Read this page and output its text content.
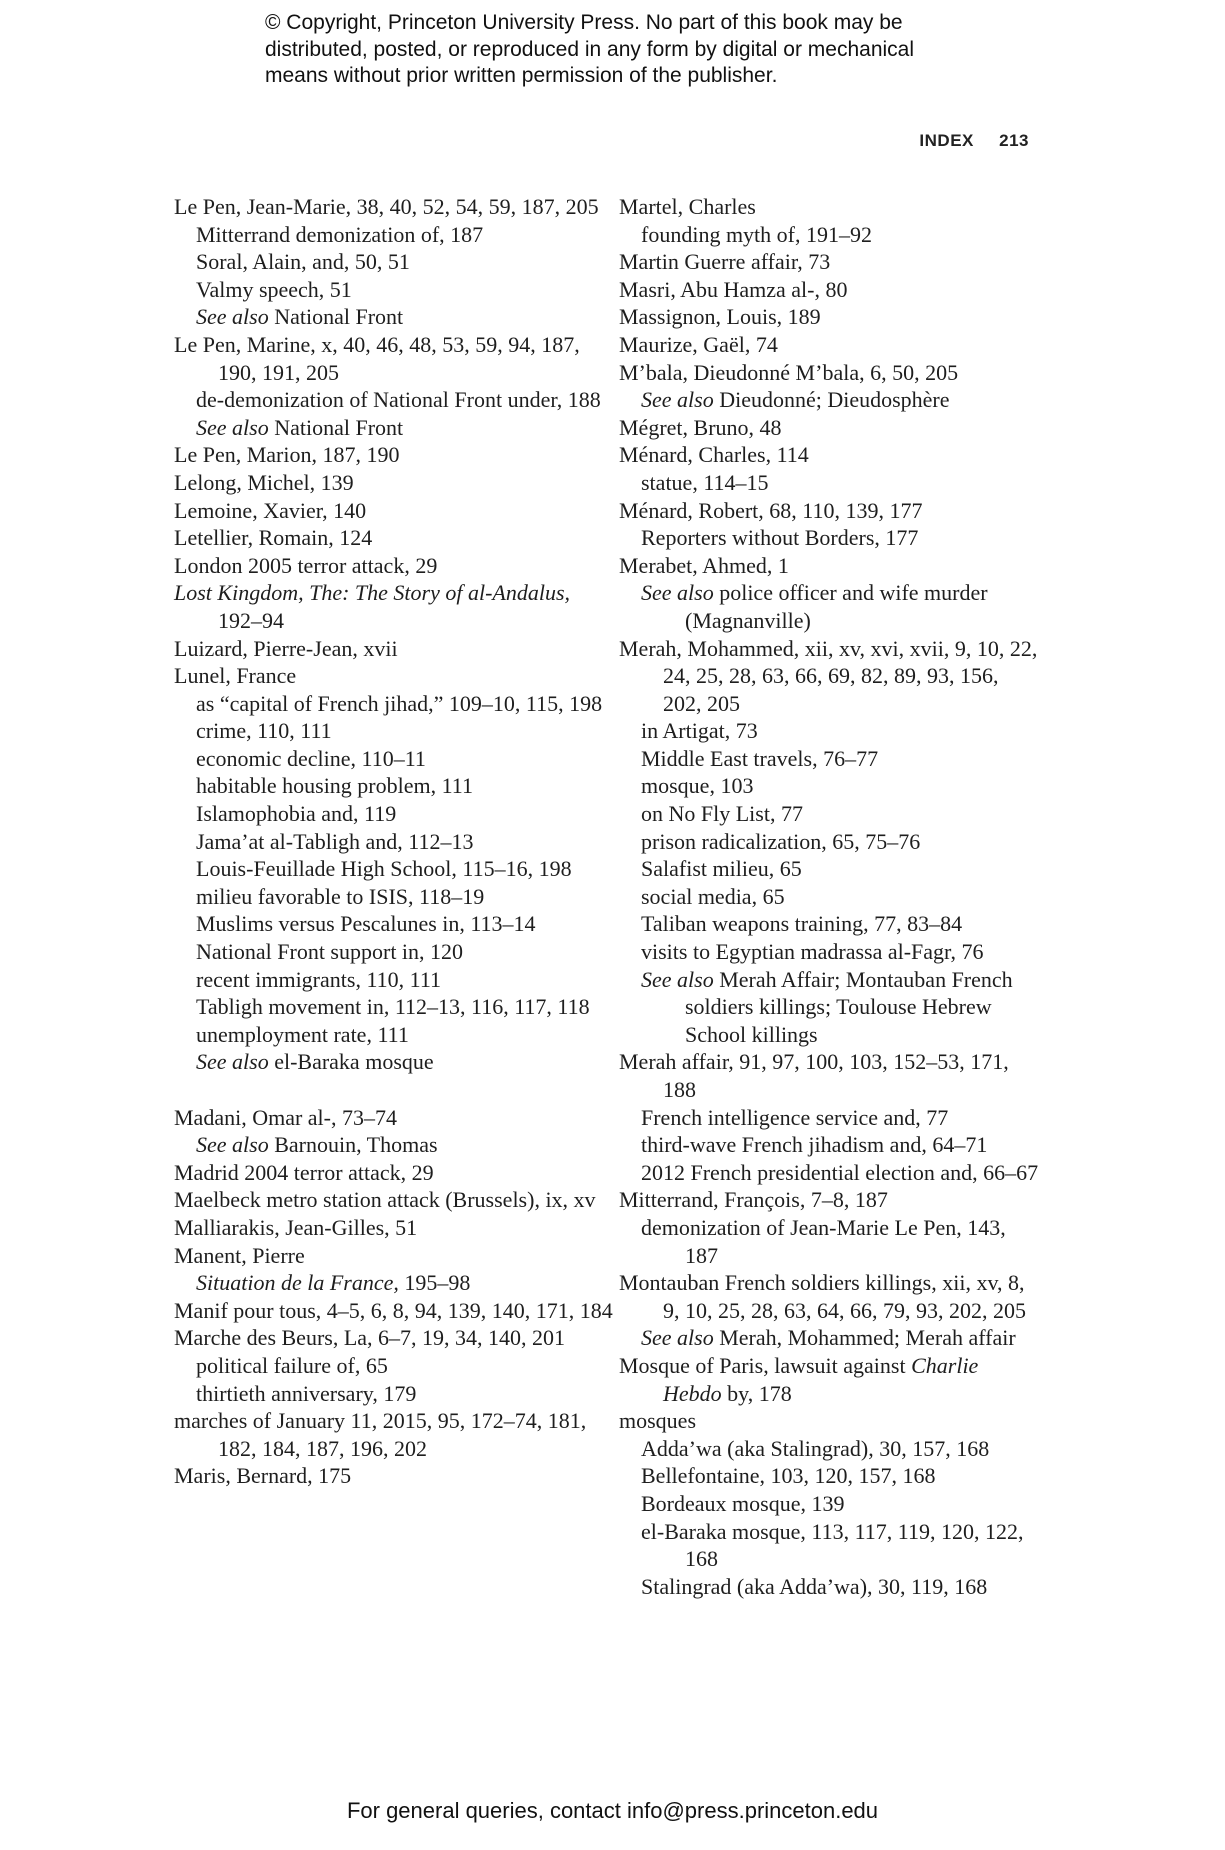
© Copyright, Princeton University Press. No part of this book may be
distributed, posted, or reproduced in any form by digital or mechanical
means without prior written permission of the publisher.
INDEX 213

Le Pen, Jean-Marie, 38, 40, 52, 54, 59, 187, 205

Mitterrand demonization of, 187

Soral, Alain, and, 50, 51

Valmy speech, 51

See also National Front

Le Pen, Marine, x, 40, 46, 48, 53, 59, 94, 187, 190, 191, 205

de-demonization of National Front under, 188

See also National Front

Le Pen, Marion, 187, 190

Lelong, Michel, 139

Lemoine, Xavier, 140

Letellier, Romain, 124

London 2005 terror attack, 29

Lost Kingdom, The: The Story of al-Andalus, 192–94

Luizard, Pierre-Jean, xvii

Lunel, France

as “capital of French jihad,” 109–10, 115, 198

crime, 110, 111

economic decline, 110–11

habitable housing problem, 111

Islamophobia and, 119

Jama’at al-Tabligh and, 112–13

Louis-Feuillade High School, 115–16, 198

milieu favorable to ISIS, 118–19

Muslims versus Pescalunes in, 113–14

National Front support in, 120

recent immigrants, 110, 111

Tabligh movement in, 112–13, 116, 117, 118

unemployment rate, 111

See also el-Baraka mosque

Madani, Omar al-, 73–74

See also Barnouin, Thomas

Madrid 2004 terror attack, 29

Maelbeck metro station attack (Brussels), ix, xv

Malliarakis, Jean-Gilles, 51

Manent, Pierre

Situation de la France, 195–98

Manif pour tous, 4–5, 6, 8, 94, 139, 140, 171, 184

Marche des Beurs, La, 6–7, 19, 34, 140, 201

political failure of, 65

thirtieth anniversary, 179

marches of January 11, 2015, 95, 172–74, 181, 182, 184, 187, 196, 202

Maris, Bernard, 175

Martel, Charles

founding myth of, 191–92

Martin Guerre affair, 73

Masri, Abu Hamza al-, 80

Massignon, Louis, 189

Maurize, Gaël, 74

M’bala, Dieudonné M’bala, 6, 50, 205

See also Dieudonné; Dieudosphère

Mégret, Bruno, 48

Ménard, Charles, 114

statue, 114–15

Ménard, Robert, 68, 110, 139, 177

Reporters without Borders, 177

Merabet, Ahmed, 1

See also police officer and wife murder (Magnanville)

Merah, Mohammed, xii, xv, xvi, xvii, 9, 10, 22, 24, 25, 28, 63, 66, 69, 82, 89, 93, 156, 202, 205

in Artigat, 73

Middle East travels, 76–77

mosque, 103

on No Fly List, 77

prison radicalization, 65, 75–76

Salafist milieu, 65

social media, 65

Taliban weapons training, 77, 83–84

visits to Egyptian madrassa al-Fagr, 76

See also Merah Affair; Montauban French soldiers killings; Toulouse Hebrew School killings

Merah affair, 91, 97, 100, 103, 152–53, 171, 188

French intelligence service and, 77

third-wave French jihadism and, 64–71

2012 French presidential election and, 66–67

Mitterrand, François, 7–8, 187

demonization of Jean-Marie Le Pen, 143, 187

Montauban French soldiers killings, xii, xv, 8, 9, 10, 25, 28, 63, 64, 66, 79, 93, 202, 205

See also Merah, Mohammed; Merah affair

Mosque of Paris, lawsuit against Charlie Hebdo by, 178

mosques

Adda’wa (aka Stalingrad), 30, 157, 168

Bellefontaine, 103, 120, 157, 168

Bordeaux mosque, 139

el-Baraka mosque, 113, 117, 119, 120, 122, 168

Stalingrad (aka Adda’wa), 30, 119, 168

For general queries, contact info@press.princeton.edu
